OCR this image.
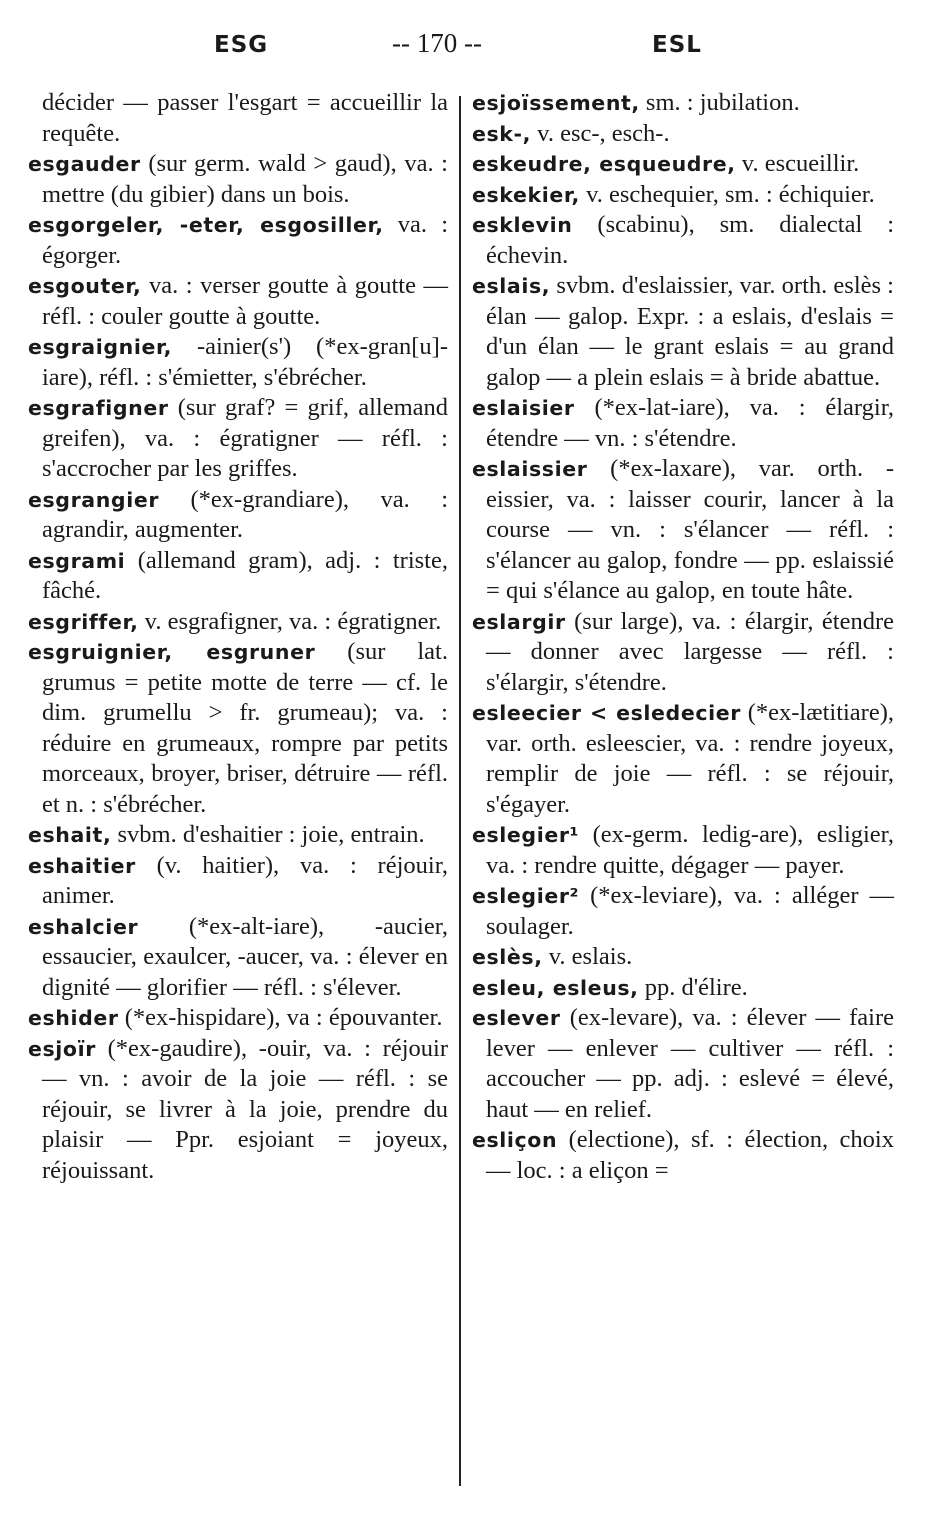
ESG	-- 170 --	ESL

décider — passer l'esgart = accueillir la requête.

esgauder (sur germ. wald > gaud), va. : mettre (du gibier) dans un bois.

esgorgeler, -eter, esgosiller, va. : égorger.

esgouter, va. : verser goutte à goutte — réfl. : couler goutte à goutte.

esgraignier, -ainier(s') (*ex-gran[u]-iare), réfl. : s'émietter, s'ébrécher.

esgrafigner (sur graf? = grif, allemand greifen), va. : égratigner — réfl. : s'accrocher par les griffes.

esgrangier (*ex-grandiare), va. : agrandir, augmenter.

esgrami (allemand gram), adj. : triste, fâché.

esgriffer, v. esgrafigner, va. : égratigner.

esgruignier, esgruner (sur lat. grumus = petite motte de terre — cf. le dim. grumellu > fr. grumeau); va. : réduire en grumeaux, rompre par petits morceaux, broyer, briser, détruire — réfl. et n. : s'ébrécher.

eshait, svbm. d'eshaitier : joie, entrain.

eshaitier (v. haitier), va. : réjouir, animer.

eshalcier (*ex-alt-iare), -aucier, essaucier, exaulcer, -aucer, va. : élever en dignité — glorifier — réfl. : s'élever.

eshider (*ex-hispidare), va : épouvanter.

esjoïr (*ex-gaudire), -ouir, va. : réjouir — vn. : avoir de la joie — réfl. : se réjouir, se livrer à la joie, prendre du plaisir — Ppr. esjoiant = joyeux, réjouissant.

esjoïssement, sm. : jubilation.

esk-, v. esc-, esch-.

eskeudre, esqueudre, v. escueillir.

eskekier, v. eschequier, sm. : échiquier.

esklevin (scabinu), sm. dialectal : échevin.

eslais, svbm. d'eslaissier, var. orth. eslès : élan — galop. Expr. : a eslais, d'eslais = d'un élan — le grant eslais = au grand galop — a plein eslais = à bride abattue.

eslaisier (*ex-lat-iare), va. : élargir, étendre — vn. : s'étendre.

eslaissier (*ex-laxare), var. orth. -eissier, va. : laisser courir, lancer à la course — vn. : s'élancer — réfl. : s'élancer au galop, fondre — pp. eslaissié = qui s'élance au galop, en toute hâte.

eslargir (sur large), va. : élargir, étendre — donner avec largesse — réfl. : s'élargir, s'étendre.

esleecier < esledecier (*ex-lætitiare), var. orth. esleescier, va. : rendre joyeux, remplir de joie — réfl. : se réjouir, s'égayer.

eslegier¹ (ex-germ. ledig-are), esligier, va. : rendre quitte, dégager — payer.

eslegier² (*ex-leviare), va. : alléger — soulager.

eslès, v. eslais.

esleu, esleus, pp. d'élire.

eslever (ex-levare), va. : élever — faire lever — enlever — cultiver — réfl. : accoucher — pp. adj. : eslevé = élevé, haut — en relief.

esliçon (electione), sf. : élection, choix — loc. : a eliçon =
